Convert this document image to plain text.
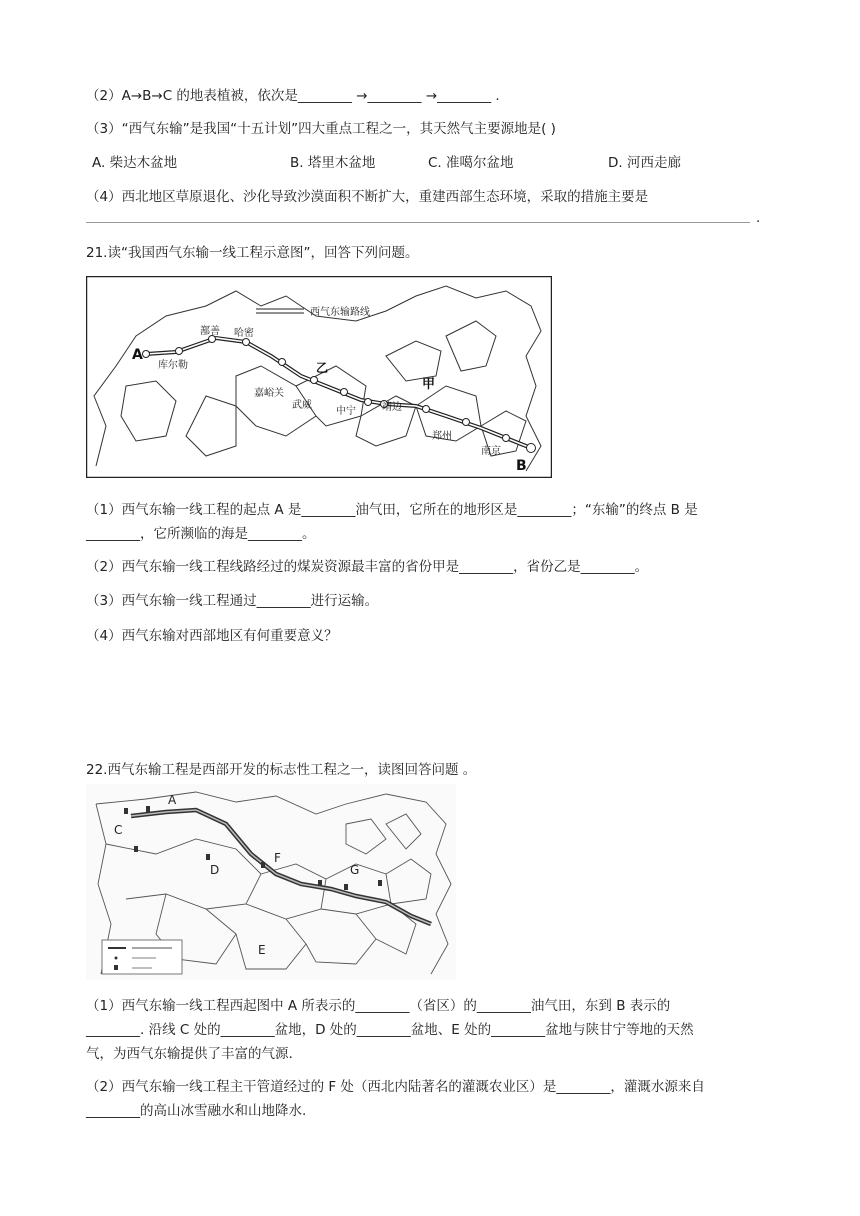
（2）A→B→C 的地表植被，依次是________ →________ →________ .
（3）“西气东输”是我国“十五计划”四大重点工程之一，其天然气主要源地是( )
A. 柴达木盆地	B. 塔里木盆地	C. 准噶尔盆地	D. 河西走廊
（4）西北地区草原退化、沙化导致沙漠面积不断扩大，重建西部生态环境，采取的措施主要是
.
21.读“我国西气东输一线工程示意图”，回答下列问题。
西气东输路线
鄯善 哈密
库尔勒
嘉峪关
武威
中宁	靖边
郑州
南京
甲
乙
A
B
（1）西气东输一线工程的起点 A 是________油气田，它所在的地形区是________；“东输”的终点 B 是
________，它所濒临的海是________。
（2）西气东输一线工程线路经过的煤炭资源最丰富的省份甲是________，省份乙是________。
（3）西气东输一线工程通过________进行运输。
（4）西气东输对西部地区有何重要意义？
22.西气东输工程是西部开发的标志性工程之一，读图回答问题 。
A
C
D
F
G
E
（1）西气东输一线工程西起图中 A 所表示的________（省区）的________油气田，东到 B 表示的
________. 沿线 C 处的________盆地，D 处的________盆地、E 处的________盆地与陕甘宁等地的天然
气，为西气东输提供了丰富的气源.
（2）西气东输一线工程主干管道经过的 F 处（西北内陆著名的灌溉农业区）是________，灌溉水源来自
________的高山冰雪融水和山地降水.
